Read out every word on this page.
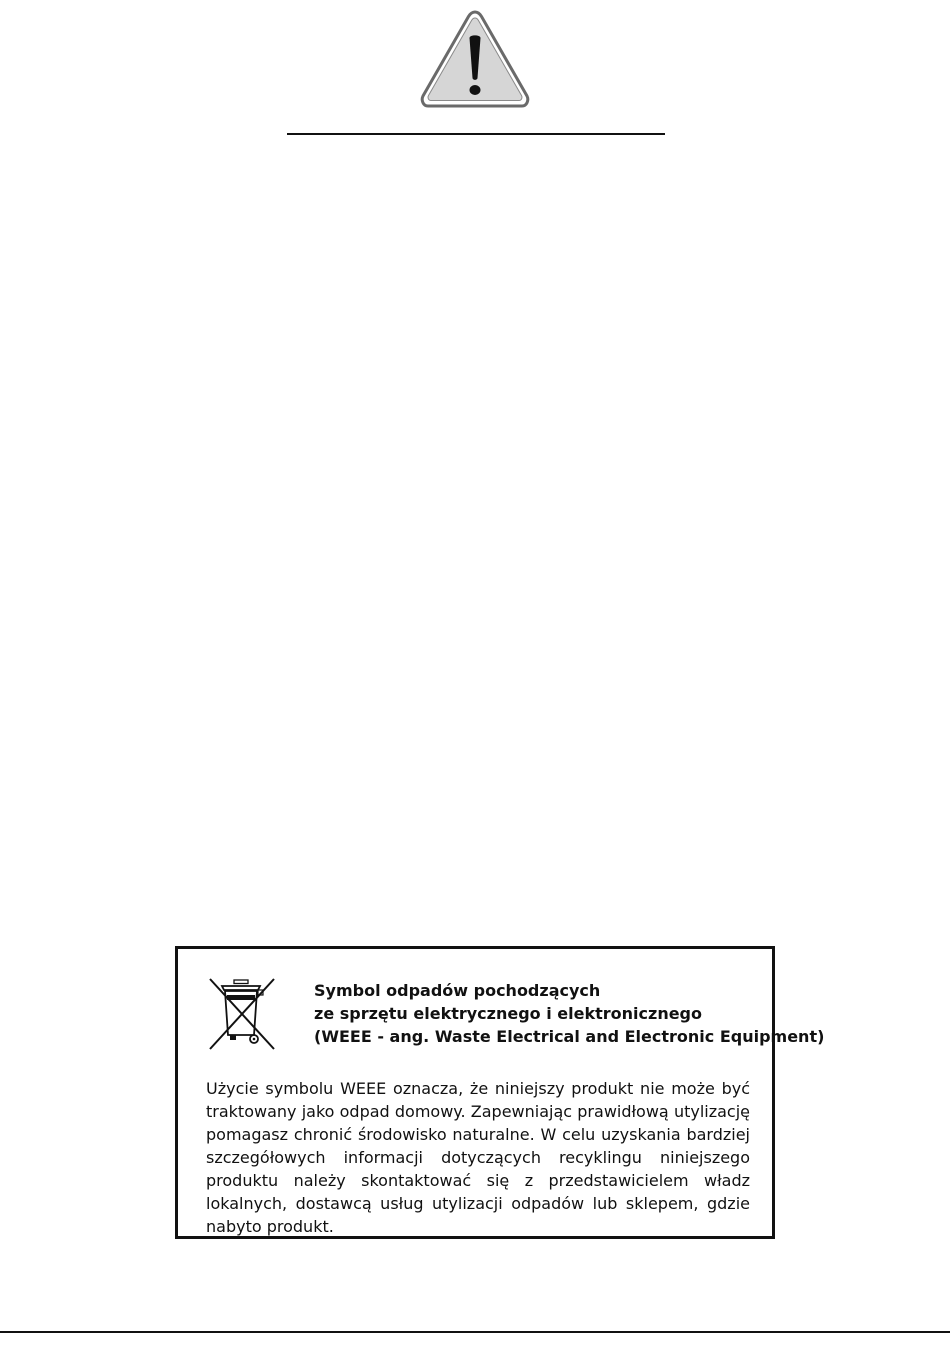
Symbol odpadów pochodzących
ze sprzętu elektrycznego i elektronicznego
(WEEE - ang. Waste Electrical and Electronic Equipment)
Użycie symbolu WEEE oznacza, że niniejszy produkt nie może być traktowany jako odpad domowy. Zapewniając prawidłową utylizację pomagasz chronić środowisko naturalne. W celu uzyskania bardziej szczegółowych informacji dotyczących recyklingu niniejszego produktu należy skontaktować się z przedstawicielem władz lokalnych, dostawcą usług utylizacji odpadów lub sklepem, gdzie nabyto produkt.
